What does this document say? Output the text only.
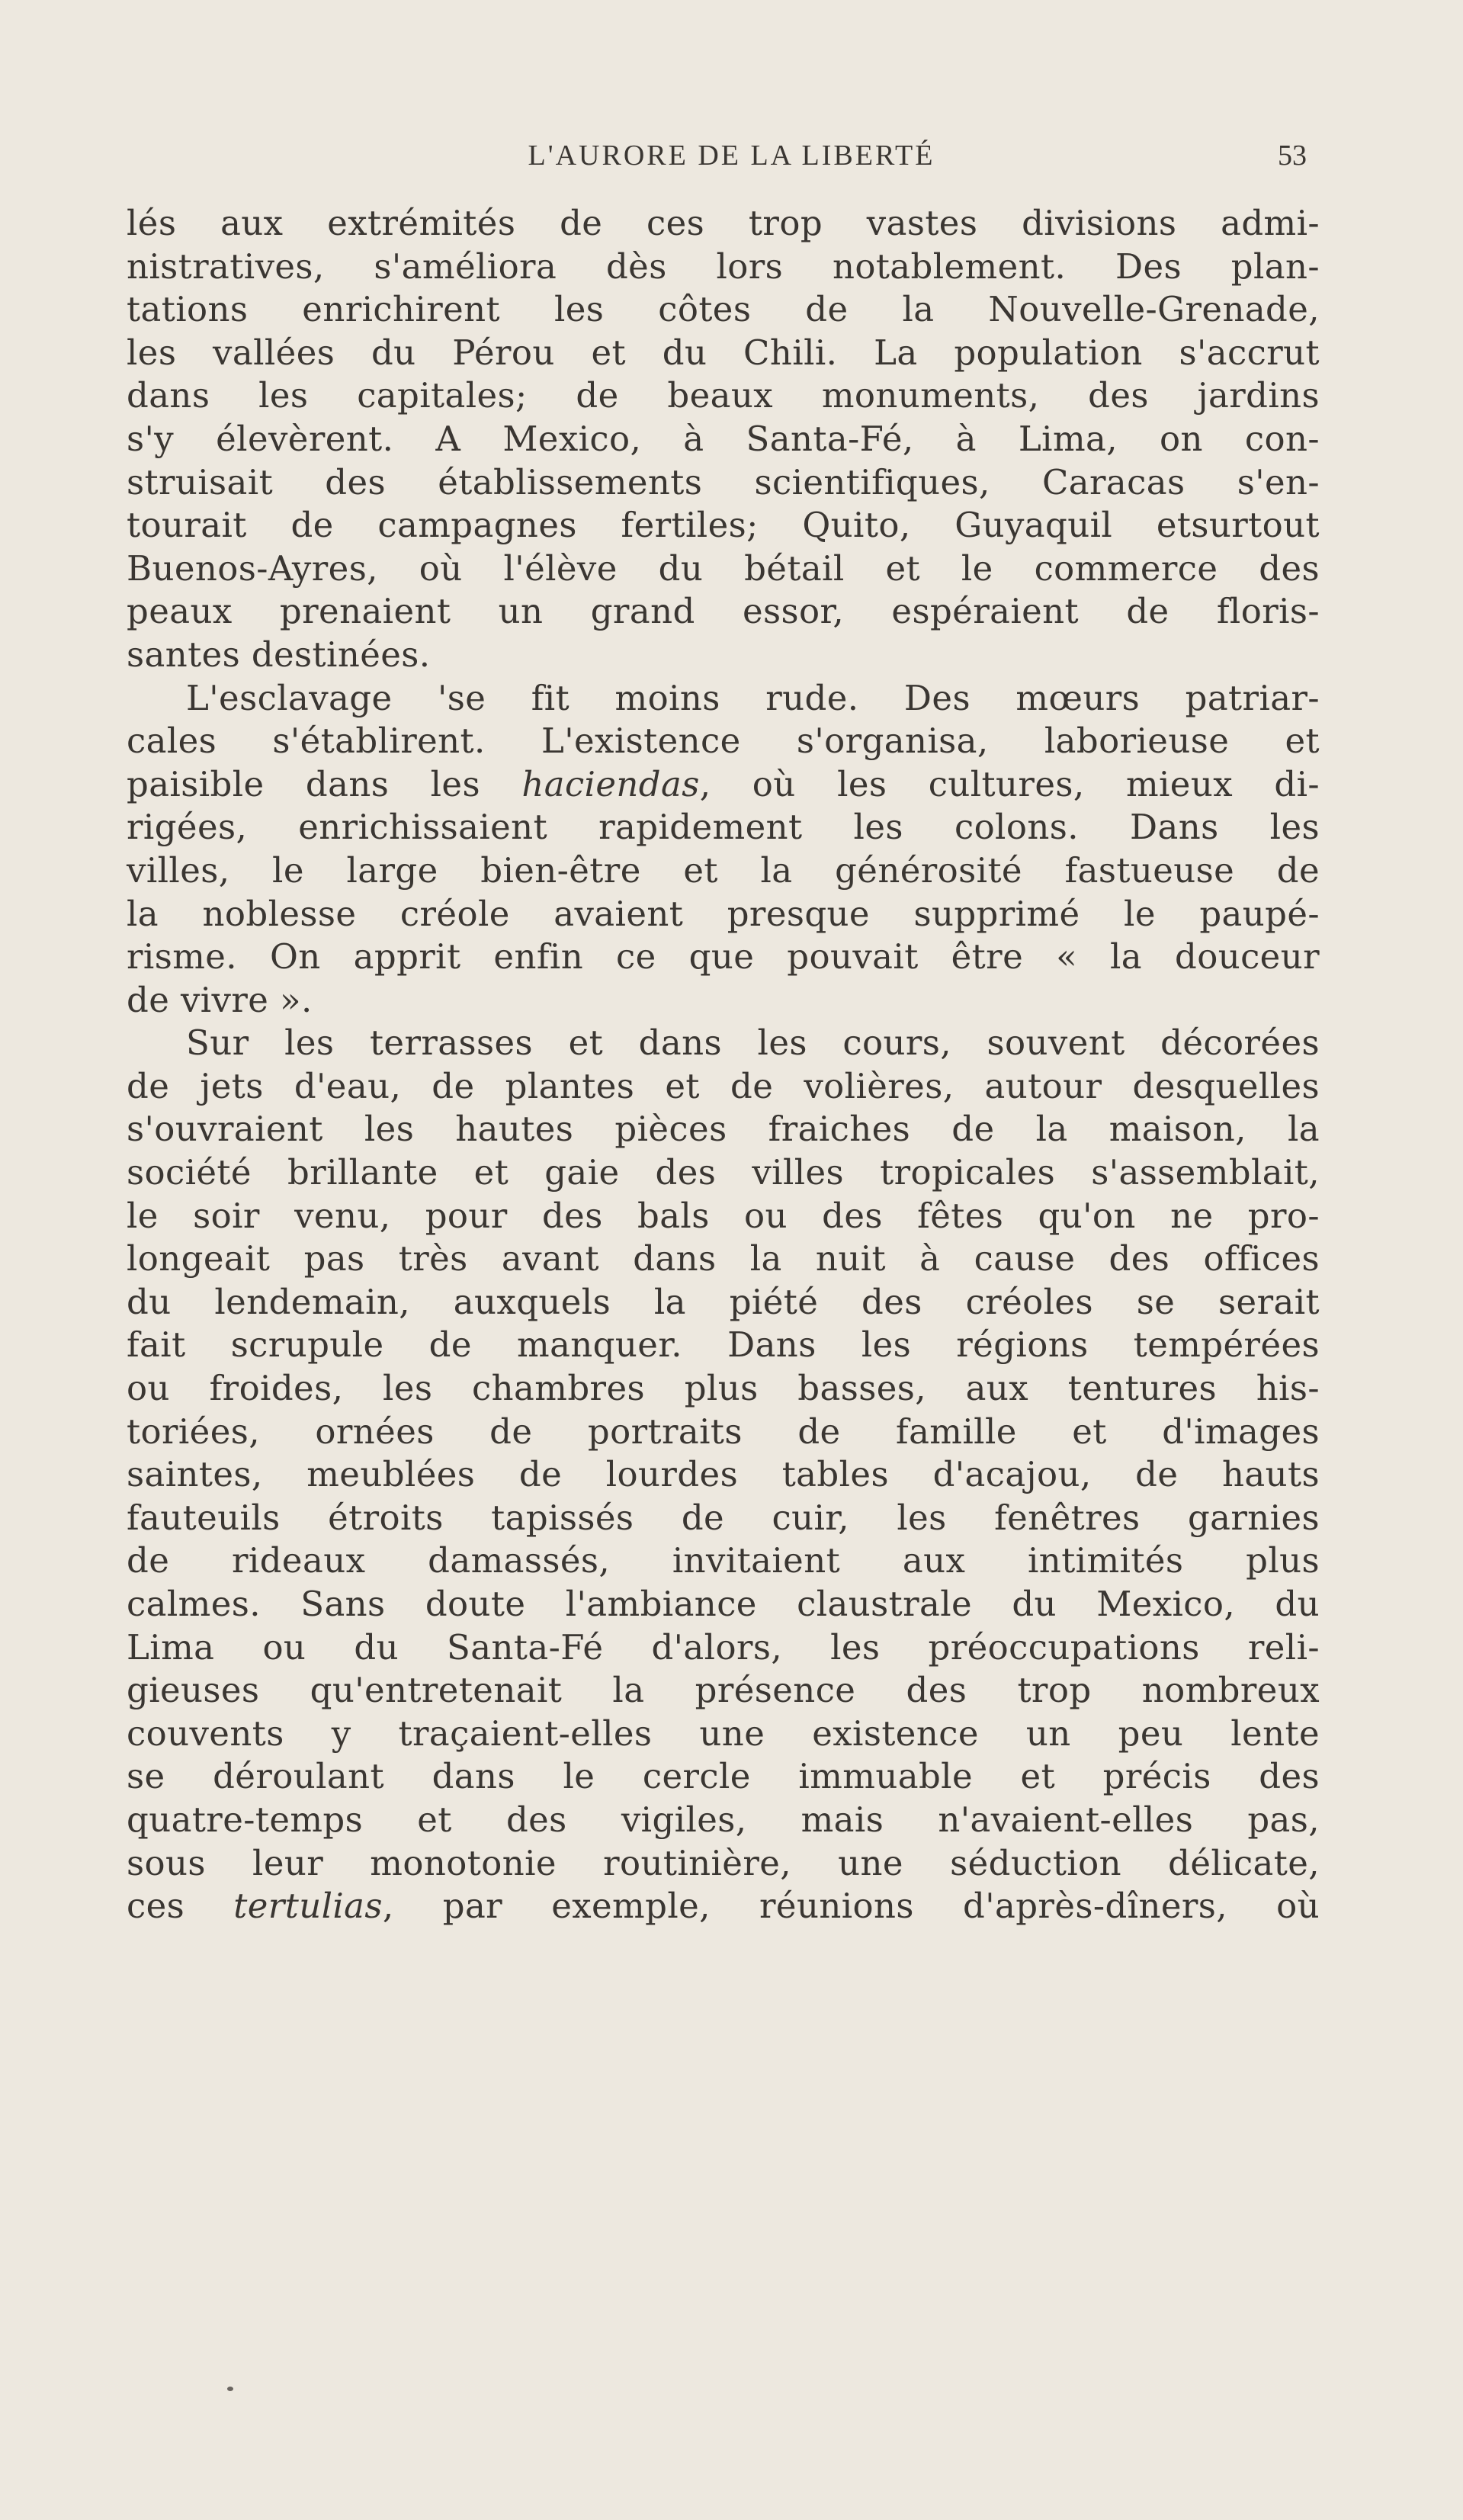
L'AURORE DE LA LIBERTÉ	53
lés aux extrémités de ces trop vastes divisions admi-
nistratives, s'améliora dès lors notablement. Des plan-
tations enrichirent les côtes de la Nouvelle-Grenade,
les vallées du Pérou et du Chili. La population s'accrut
dans les capitales; de beaux monuments, des jardins
s'y élevèrent. A Mexico, à Santa-Fé, à Lima, on con-
struisait des établissements scientifiques, Caracas s'en-
tourait de campagnes fertiles; Quito, Guyaquil etsurtout
Buenos-Ayres, où l'élève du bétail et le commerce des
peaux prenaient un grand essor, espéraient de floris-
santes destinées.
L'esclavage 'se fit moins rude. Des mœurs patriar-
cales s'établirent. L'existence s'organisa, laborieuse et
paisible dans les haciendas, où les cultures, mieux di-
rigées, enrichissaient rapidement les colons. Dans les
villes, le large bien-être et la générosité fastueuse de
la noblesse créole avaient presque supprimé le paupé-
risme. On apprit enfin ce que pouvait être « la douceur
de vivre ».
Sur les terrasses et dans les cours, souvent décorées
de jets d'eau, de plantes et de volières, autour desquelles
s'ouvraient les hautes pièces fraiches de la maison, la
société brillante et gaie des villes tropicales s'assemblait,
le soir venu, pour des bals ou des fêtes qu'on ne pro-
longeait pas très avant dans la nuit à cause des offices
du lendemain, auxquels la piété des créoles se serait
fait scrupule de manquer. Dans les régions tempérées
ou froides, les chambres plus basses, aux tentures his-
toriées, ornées de portraits de famille et d'images
saintes, meublées de lourdes tables d'acajou, de hauts
fauteuils étroits tapissés de cuir, les fenêtres garnies
de rideaux damassés, invitaient aux intimités plus
calmes. Sans doute l'ambiance claustrale du Mexico, du
Lima ou du Santa-Fé d'alors, les préoccupations reli-
gieuses qu'entretenait la présence des trop nombreux
couvents y traçaient-elles une existence un peu lente
se déroulant dans le cercle immuable et précis des
quatre-temps et des vigiles, mais n'avaient-elles pas,
sous leur monotonie routinière, une séduction délicate,
ces tertulias, par exemple, réunions d'après-dîners, où
